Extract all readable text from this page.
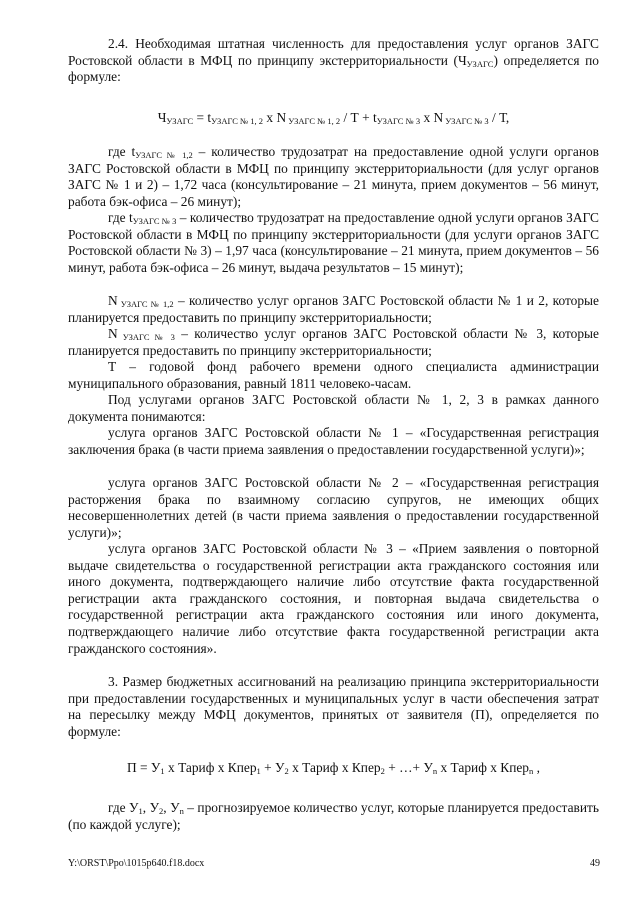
2.4. Необходимая штатная численность для предоставления услуг органов ЗАГС Ростовской области в МФЦ по принципу экстерриториальности $(Ч_{УЗАГС})$ определяется по формуле:

$Ч_{УЗАГС} = t_{УЗАГС № 1, 2}$ х N $_{УЗАГС № 1, 2} / Т + t_{УЗАГС № 3}$ х N $_{УЗАГС № 3}$ / Т,

где $t_{УЗАГС № 1,2}$ – количество трудозатрат на предоставление одной услуги органов ЗАГС Ростовской области в МФЦ по принципу экстерриториальности (для услуг органов ЗАГС № 1 и 2) – 1,72 часа (консультирование – 21 минута, прием документов – 56 минут, работа бэк-офиса – 26 минут);

где $t_{УЗАГС № 3}$ – количество трудозатрат на предоставление одной услуги органов ЗАГС Ростовской области в МФЦ по принципу экстерриториальности (для услуги органов ЗАГС Ростовской области № 3) – 1,97 часа (консультирование – 21 минута, прием документов – 56 минут, работа бэк-офиса – 26 минут, выдача результатов – 15 минут);

N $_{УЗАГС № 1,2}$ – количество услуг органов ЗАГС Ростовской области № 1 и 2, которые планируется предоставить по принципу экстерриториальности;

N $_{УЗАГС № 3}$ – количество услуг органов ЗАГС Ростовской области № 3, которые планируется предоставить по принципу экстерриториальности;

Т – годовой фонд рабочего времени одного специалиста администрации муниципального образования, равный 1811 человеко-часам.

Под услугами органов ЗАГС Ростовской области № 1, 2, 3 в рамках данного документа понимаются:

услуга органов ЗАГС Ростовской области № 1 – «Государственная регистрация заключения брака (в части приема заявления о предоставлении государственной услуги)»;

услуга органов ЗАГС Ростовской области № 2 – «Государственная регистрация расторжения брака по взаимному согласию супругов, не имеющих общих несовершеннолетних детей (в части приема заявления о предоставлении государственной услуги)»;

услуга органов ЗАГС Ростовской области № 3 – «Прием заявления о повторной выдаче свидетельства о государственной регистрации акта гражданского состояния или иного документа, подтверждающего наличие либо отсутствие факта государственной регистрации акта гражданского состояния, и повторная выдача свидетельства о государственной регистрации акта гражданского состояния или иного документа, подтверждающего наличие либо отсутствие факта государственной регистрации акта гражданского состояния».

3. Размер бюджетных ассигнований на реализацию принципа экстерриториальности при предоставлении государственных и муниципальных услуг в части обеспечения затрат на пересылку между МФЦ документов, принятых от заявителя (П), определяется по формуле:

$П = У_1$ х Тариф х Кпер$_1$ + $У_2$ х Тариф х Кпер$_2$ + …+ $У_n$ х Тариф х Кпер$_n$ ,

где $У_1$, $У_2$, $У_n$ – прогнозируемое количество услуг, которые планируется предоставить (по каждой услуге);

Y:\ORST\Ppo\1015p640.f18.docx	49
